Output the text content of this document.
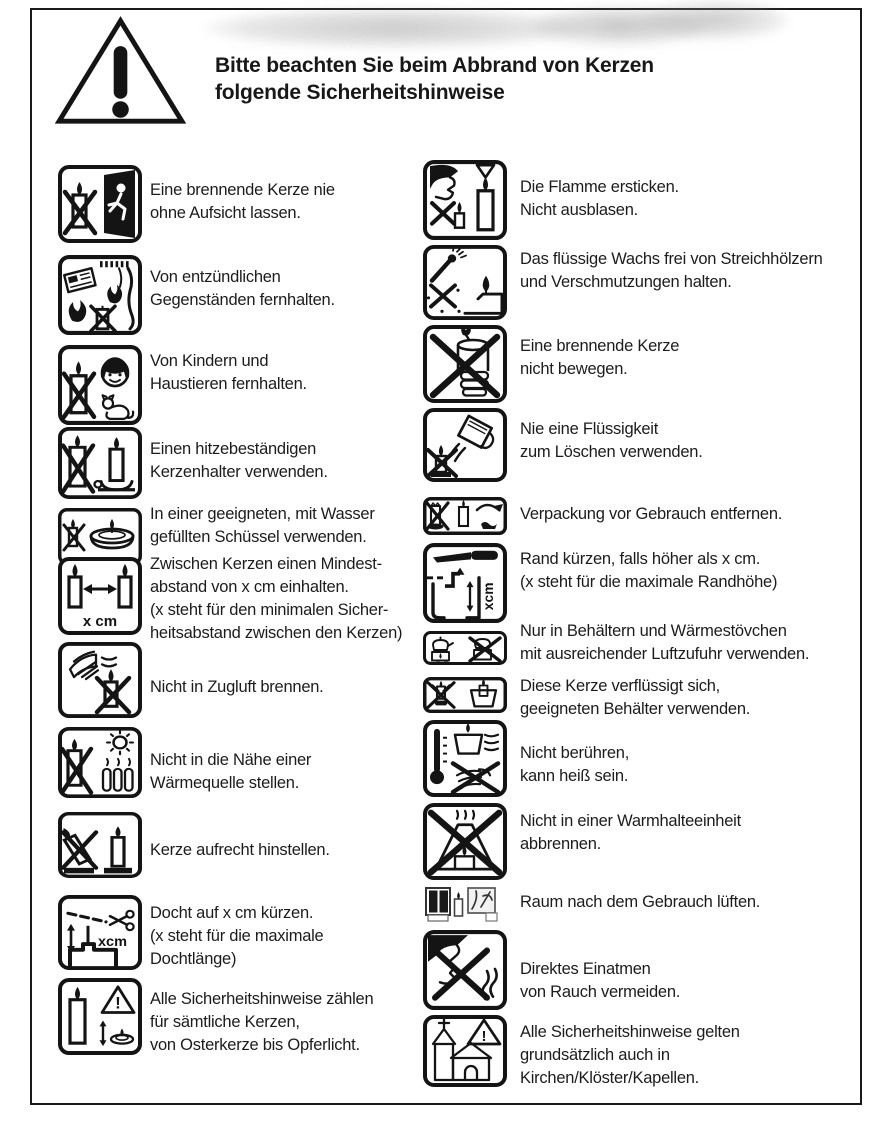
Bitte beachten Sie beim Abbrand von Kerzen
folgende Sicherheitshinweise
Eine brennende Kerze nie
ohne Aufsicht lassen.
Von entzündlichen
Gegenständen fernhalten.
Von Kindern und
Haustieren fernhalten.
Einen hitzebeständigen
Kerzenhalter verwenden.
In einer geeigneten, mit Wasser
gefüllten Schüssel verwenden.
x cm
Zwischen Kerzen einen Mindest-
abstand von x cm einhalten.
(x steht für den minimalen Sicher-
heitsabstand zwischen den Kerzen)
Nicht in Zugluft brennen.
Nicht in die Nähe einer
Wärmequelle stellen.
Kerze aufrecht hinstellen.
xcm
Docht auf x cm kürzen.
(x steht für die maximale
Dochtlänge)
! Alle Sicherheitshinweise zählen
für sämtliche Kerzen,
von Osterkerze bis Opferlicht.
Die Flamme ersticken.
Nicht ausblasen.
Das flüssige Wachs frei von Streichhölzern
und Verschmutzungen halten.
Eine brennende Kerze
nicht bewegen.
Nie eine Flüssigkeit
zum Löschen verwenden.
Verpackung vor Gebrauch entfernen.
xcm
Rand kürzen, falls höher als x cm.
(x steht für die maximale Randhöhe)
Nur in Behältern und Wärmestövchen
mit ausreichender Luftzufuhr verwenden.
Diese Kerze verflüssigt sich,
geeigneten Behälter verwenden.
Nicht berühren,
kann heiß sein.
Nicht in einer Warmhalteeinheit
abbrennen.
Raum nach dem Gebrauch lüften.
Direktes Einatmen
von Rauch vermeiden.
! Alle Sicherheitshinweise gelten
grundsätzlich auch in
Kirchen/Klöster/Kapellen.
